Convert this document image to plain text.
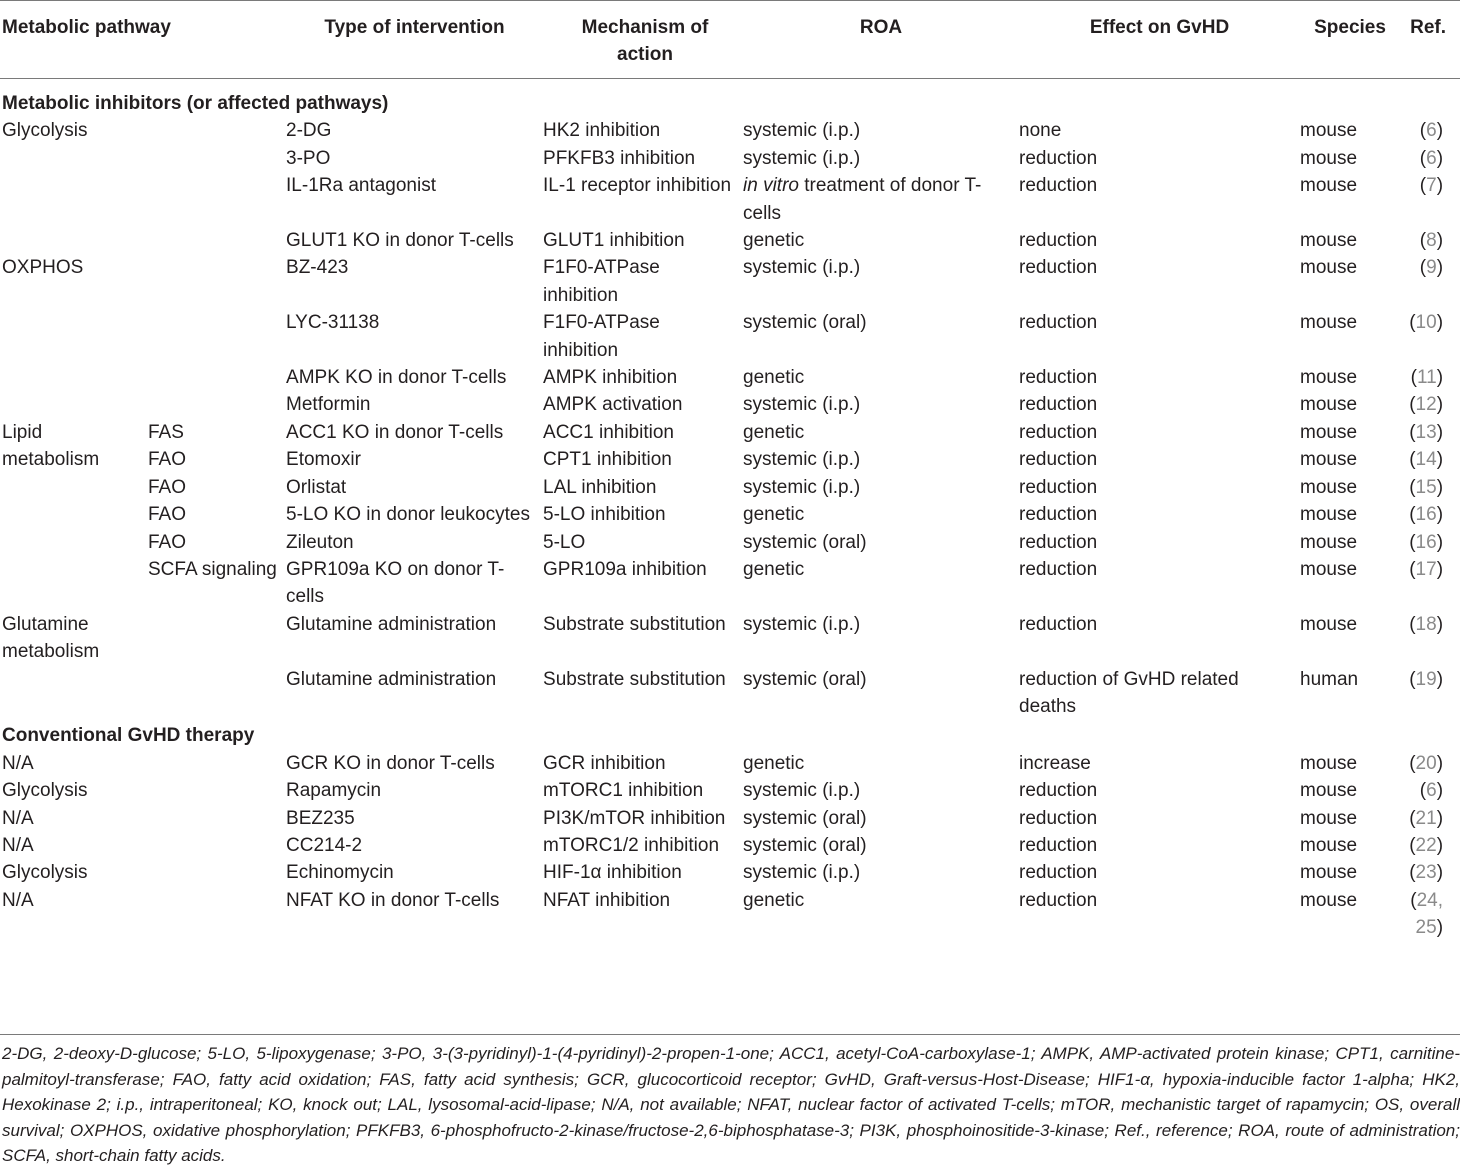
Metabolic pathway		Type of intervention	Mechanism of action	ROA	Effect on GvHD	Species	Ref.
Metabolic inhibitors (or affected pathways)							
Glycolysis		2-DG	HK2 inhibition	systemic (i.p.)	none	mouse	(6)
		3-PO	PFKFB3 inhibition	systemic (i.p.)	reduction	mouse	(6)
		IL-1Ra antagonist	IL-1 receptor inhibition	in vitro treatment of donor T-cells	reduction	mouse	(7)
		GLUT1 KO in donor T-cells	GLUT1 inhibition	genetic	reduction	mouse	(8)
OXPHOS		BZ-423	F1F0-ATPase inhibition	systemic (i.p.)	reduction	mouse	(9)
		LYC-31138	F1F0-ATPase inhibition	systemic (oral)	reduction	mouse	(10)
		AMPK KO in donor T-cells	AMPK inhibition	genetic	reduction	mouse	(11)
		Metformin	AMPK activation	systemic (i.p.)	reduction	mouse	(12)
Lipid	FAS	ACC1 KO in donor T-cells	ACC1 inhibition	genetic	reduction	mouse	(13)
metabolism	FAO	Etomoxir	CPT1 inhibition	systemic (i.p.)	reduction	mouse	(14)
	FAO	Orlistat	LAL inhibition	systemic (i.p.)	reduction	mouse	(15)
	FAO	5-LO KO in donor leukocytes	5-LO inhibition	genetic	reduction	mouse	(16)
	FAO	Zileuton	5-LO	systemic (oral)	reduction	mouse	(16)
	SCFA signaling	GPR109a KO on donor T-cells	GPR109a inhibition	genetic	reduction	mouse	(17)
Glutamine metabolism		Glutamine administration	Substrate substitution	systemic (i.p.)	reduction	mouse	(18)
		Glutamine administration	Substrate substitution	systemic (oral)	reduction of GvHD related deaths	human	(19)
Conventional GvHD therapy							
N/A		GCR KO in donor T-cells	GCR inhibition	genetic	increase	mouse	(20)
Glycolysis		Rapamycin	mTORC1 inhibition	systemic (i.p.)	reduction	mouse	(6)
N/A		BEZ235	PI3K/mTOR inhibition	systemic (oral)	reduction	mouse	(21)
N/A		CC214-2	mTORC1/2 inhibition	systemic (oral)	reduction	mouse	(22)
Glycolysis		Echinomycin	HIF-1α inhibition	systemic (i.p.)	reduction	mouse	(23)
N/A		NFAT KO in donor T-cells	NFAT inhibition	genetic	reduction	mouse	(24, 25)
2-DG, 2-deoxy-D-glucose; 5-LO, 5-lipoxygenase; 3-PO, 3-(3-pyridinyl)-1-(4-pyridinyl)-2-propen-1-one; ACC1, acetyl-CoA-carboxylase-1; AMPK, AMP-activated protein kinase; CPT1, carnitine-palmitoyl-transferase; FAO, fatty acid oxidation; FAS, fatty acid synthesis; GCR, glucocorticoid receptor; GvHD, Graft-versus-Host-Disease; HIF1-α, hypoxia-inducible factor 1-alpha; HK2, Hexokinase 2; i.p., intraperitoneal; KO, knock out; LAL, lysosomal-acid-lipase; N/A, not available; NFAT, nuclear factor of activated T-cells; mTOR, mechanistic target of rapamycin; OS, overall survival; OXPHOS, oxidative phosphorylation; PFKFB3, 6-phosphofructo-2-kinase/fructose-2,6-biphosphatase-3; PI3K, phosphoinositide-3-kinase; Ref., reference; ROA, route of administration; SCFA, short-chain fatty acids.
